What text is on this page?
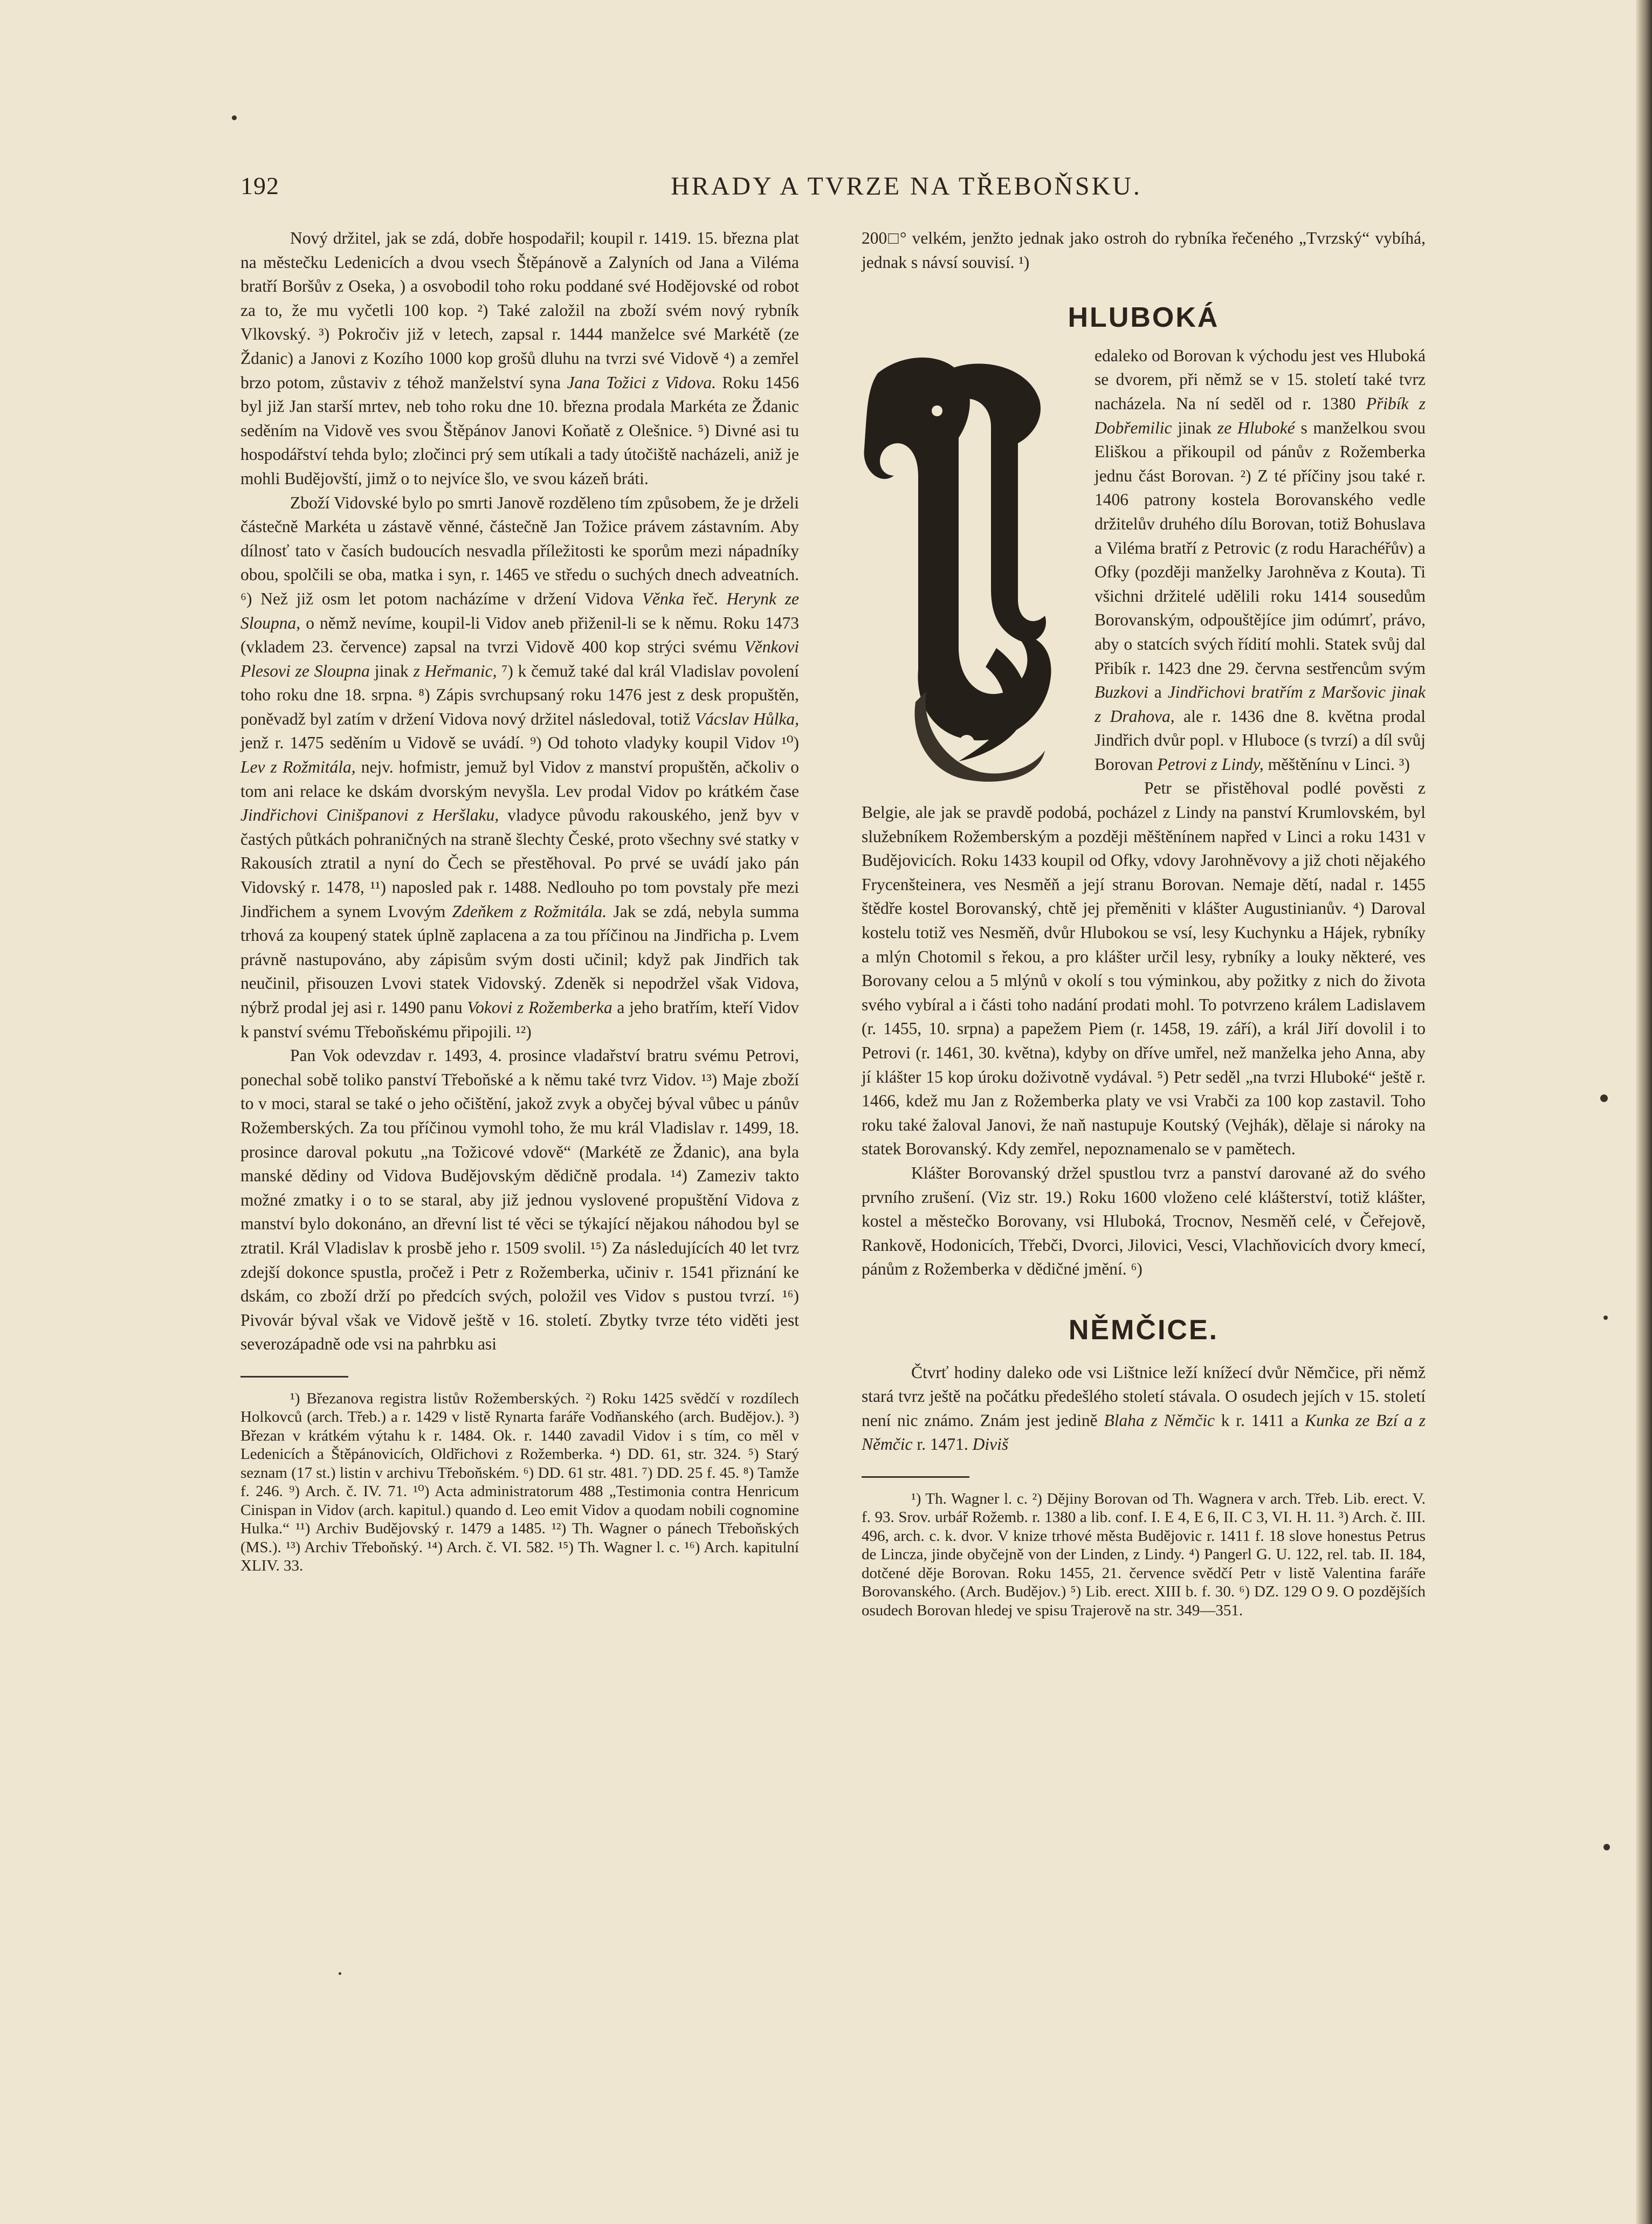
192	HRADY A TVRZE NA TŘEBOŇSKU.

Nový držitel, jak se zdá, dobře hospodařil; koupil r. 1419. 15. března plat na městečku Ledenicích a dvou vsech Štěpánově a Zalyních od Jana a Viléma bratří Boršův z Oseka, ) a osvobodil toho roku poddané své Hodějovské od robot za to, že mu vyčetli 100 kop. ²) Také založil na zboží svém nový rybník Vlkovský. ³) Pokročiv již v letech, zapsal r. 1444 manželce své Markétě (ze Ždanic) a Janovi z Kozího 1000 kop grošů dluhu na tvrzi své Vidově ⁴) a zemřel brzo potom, zůstaviv z téhož manželství syna Jana Tožici z Vidova. Roku 1456 byl již Jan starší mrtev, neb toho roku dne 10. března prodala Markéta ze Ždanic seděním na Vidově ves svou Štěpánov Janovi Koňatě z Olešnice. ⁵) Divné asi tu hospodářství tehda bylo; zločinci prý sem utíkali a tady útočiště nacházeli, aniž je mohli Budějovští, jimž o to nejvíce šlo, ve svou kázeň bráti.

Zboží Vidovské bylo po smrti Janově rozděleno tím způsobem, že je drželi částečně Markéta u zástavě věnné, částečně Jan Tožice právem zástavním. Aby dílnosť tato v časích budoucích nesvadla příležitosti ke sporům mezi nápadníky obou, spolčili se oba, matka i syn, r. 1465 ve středu o suchých dnech adveatních. ⁶) Než již osm let potom nacházíme v držení Vidova Věnka řeč. Herynk ze Sloupna, o němž nevíme, koupil-li Vidov aneb přiženil-li se k němu. Roku 1473 (vkladem 23. července) zapsal na tvrzi Vidově 400 kop strýci svému Věnkovi Plesovi ze Sloupna jinak z Heřmanic, ⁷) k čemuž také dal král Vladislav povolení toho roku dne 18. srpna. ⁸) Zápis svrchupsaný roku 1476 jest z desk propuštěn, poněvadž byl zatím v držení Vidova nový držitel následoval, totiž Vácslav Hůlka, jenž r. 1475 seděním u Vidově se uvádí. ⁹) Od tohoto vladyky koupil Vidov ¹⁰) Lev z Rožmitála, nejv. hofmistr, jemuž byl Vidov z manství propuštěn, ačkoliv o tom ani relace ke dskám dvorským nevyšla. Lev prodal Vidov po krátkém čase Jindřichovi Cinišpanovi z Heršlaku, vladyce původu rakouského, jenž byv v častých půtkách pohraničných na straně šlechty České, proto všechny své statky v Rakousích ztratil a nyní do Čech se přestěhoval. Po prvé se uvádí jako pán Vidovský r. 1478, ¹¹) naposled pak r. 1488. Nedlouho po tom povstaly pře mezi Jindřichem a synem Lvovým Zdeňkem z Rožmitála. Jak se zdá, nebyla summa trhová za koupený statek úplně zaplacena a za tou příčinou na Jindřicha p. Lvem právně nastupováno, aby zápisům svým dosti učinil; když pak Jindřich tak neučinil, přisouzen Lvovi statek Vidovský. Zdeněk si nepodržel však Vidova, nýbrž prodal jej asi r. 1490 panu Vokovi z Rožemberka a jeho bratřím, kteří Vidov k panství svému Třeboňskému připojili. ¹²)

Pan Vok odevzdav r. 1493, 4. prosince vladařství bratru svému Petrovi, ponechal sobě toliko panství Třeboňské a k němu také tvrz Vidov. ¹³) Maje zboží to v moci, staral se také o jeho očištění, jakož zvyk a obyčej býval vůbec u pánův Rožemberských. Za tou příčinou vymohl toho, že mu král Vladislav r. 1499, 18. prosince daroval pokutu „na Tožicové vdově“ (Markétě ze Ždanic), ana byla manské dědiny od Vidova Budějovským dědičně prodala. ¹⁴) Zameziv takto možné zmatky i o to se staral, aby již jednou vyslovené propuštění Vidova z manství bylo dokonáno, an dřevní list té věci se týkající nějakou náhodou byl se ztratil. Král Vladislav k prosbě jeho r. 1509 svolil. ¹⁵) Za následujících 40 let tvrz zdejší dokonce spustla, pročež i Petr z Rožemberka, učiniv r. 1541 přiznání ke dskám, co zboží drží po předcích svých, položil ves Vidov s pustou tvrzí. ¹⁶) Pivovár býval však ve Vidově ještě v 16. století. Zbytky tvrze této viděti jest severozápadně ode vsi na pahrbku asi

¹) Březanova registra listův Rožemberských. ²) Roku 1425 svědčí v rozdílech Holkovců (arch. Třeb.) a r. 1429 v listě Rynarta faráře Vodňanského (arch. Budějov.). ³) Březan v krátkém výtahu k r. 1484. Ok. r. 1440 zavadil Vidov i s tím, co měl v Ledenicích a Štěpánovicích, Oldřichovi z Rožemberka. ⁴) DD. 61, str. 324. ⁵) Starý seznam (17 st.) listin v archivu Třeboňském. ⁶) DD. 61 str. 481. ⁷) DD. 25 f. 45. ⁸) Tamže f. 246. ⁹) Arch. č. IV. 71. ¹⁰) Acta administratorum 488 „Testimonia contra Henricum Cinispan in Vidov (arch. kapitul.) quando d. Leo emit Vidov a quodam nobili cognomine Hulka.“ ¹¹) Archiv Budějovský r. 1479 a 1485. ¹²) Th. Wagner o pánech Třeboňských (MS.). ¹³) Archiv Třeboňský. ¹⁴) Arch. č. VI. 582. ¹⁵) Th. Wagner l. c. ¹⁶) Arch. kapitulní XLIV. 33.

200□° velkém, jenžto jednak jako ostroh do rybníka řečeného „Tvrzský“ vybíhá, jednak s návsí souvisí. ¹)

HLUBOKÁ

edaleko od Borovan k východu jest ves Hluboká se dvorem, při němž se v 15. století také tvrz nacházela. Na ní seděl od r. 1380 Přibík z Dobřemilic jinak ze Hluboké s manželkou svou Eliškou a přikoupil od pánův z Rožemberka jednu část Borovan. ²) Z té příčiny jsou také r. 1406 patrony kostela Borovanského vedle držitelův druhého dílu Borovan, totiž Bohuslava a Viléma bratří z Petrovic (z rodu Harachéřův) a Ofky (později manželky Jarohněva z Kouta). Ti všichni držitelé udělili roku 1414 sousedům Borovanským, odpouštějíce jim odúmrť, právo, aby o statcích svých řídití mohli. Statek svůj dal Přibík r. 1423 dne 29. června sestřencům svým Buzkovi a Jindřichovi bratřím z Maršovic jinak z Drahova, ale r. 1436 dne 8. května prodal Jindřich dvůr popl. v Hluboce (s tvrzí) a díl svůj Borovan Petrovi z Lindy, měštěnínu v Linci. ³)

Petr se přistěhoval podlé pověsti z Belgie, ale jak se pravdě podobá, pocházel z Lindy na panství Krumlovském, byl služebníkem Rožemberským a později měštěnínem napřed v Linci a roku 1431 v Budějovicích. Roku 1433 koupil od Ofky, vdovy Jarohněvovy a již choti nějakého Frycenšteinera, ves Nesměň a její stranu Borovan. Nemaje dětí, nadal r. 1455 štědře kostel Borovanský, chtě jej přeměniti v klášter Augustinianův. ⁴) Daroval kostelu totiž ves Nesměň, dvůr Hlubokou se vsí, lesy Kuchynku a Hájek, rybníky a mlýn Chotomil s řekou, a pro klášter určil lesy, rybníky a louky některé, ves Borovany celou a 5 mlýnů v okolí s tou výminkou, aby požitky z nich do života svého vybíral a i části toho nadání prodati mohl. To potvrzeno králem Ladislavem (r. 1455, 10. srpna) a papežem Piem (r. 1458, 19. září), a král Jiří dovolil i to Petrovi (r. 1461, 30. května), kdyby on dříve umřel, než manželka jeho Anna, aby jí klášter 15 kop úroku doživotně vydával. ⁵) Petr seděl „na tvrzi Hluboké“ ještě r. 1466, kdež mu Jan z Rožemberka platy ve vsi Vrabči za 100 kop zastavil. Toho roku také žaloval Janovi, že naň nastupuje Koutský (Vejhák), dělaje si nároky na statek Borovanský. Kdy zemřel, nepoznamenalo se v pamětech.

Klášter Borovanský držel spustlou tvrz a panství darované až do svého prvního zrušení. (Viz str. 19.) Roku 1600 vloženo celé klášterství, totiž klášter, kostel a městečko Borovany, vsi Hluboká, Trocnov, Nesměň celé, v Čeřejově, Rankově, Hodonicích, Třebči, Dvorci, Jilovici, Vesci, Vlachňovicích dvory kmecí, pánům z Rožemberka v dědičné jmění. ⁶)

NĚMČICE.

Čtvrť hodiny daleko ode vsi Lištnice leží knížecí dvůr Němčice, při němž stará tvrz ještě na počátku předešlého století stávala. O osudech jejích v 15. století není nic známo. Znám jest jedině Blaha z Němčic k r. 1411 a Kunka ze Bzí a z Němčic r. 1471. Diviš

¹) Th. Wagner l. c. ²) Dějiny Borovan od Th. Wagnera v arch. Třeb. Lib. erect. V. f. 93. Srov. urbář Rožemb. r. 1380 a lib. conf. I. E 4, E 6, II. C 3, VI. H. 11. ³) Arch. č. III. 496, arch. c. k. dvor. V knize trhové města Budějovic r. 1411 f. 18 slove honestus Petrus de Lincza, jinde obyčejně von der Linden, z Lindy. ⁴) Pangerl G. U. 122, rel. tab. II. 184, dotčené děje Borovan. Roku 1455, 21. července svědčí Petr v listě Valentina faráře Borovanského. (Arch. Budějov.) ⁵) Lib. erect. XIII b. f. 30. ⁶) DZ. 129 O 9. O pozdějších osudech Borovan hledej ve spisu Trajerově na str. 349—351.
